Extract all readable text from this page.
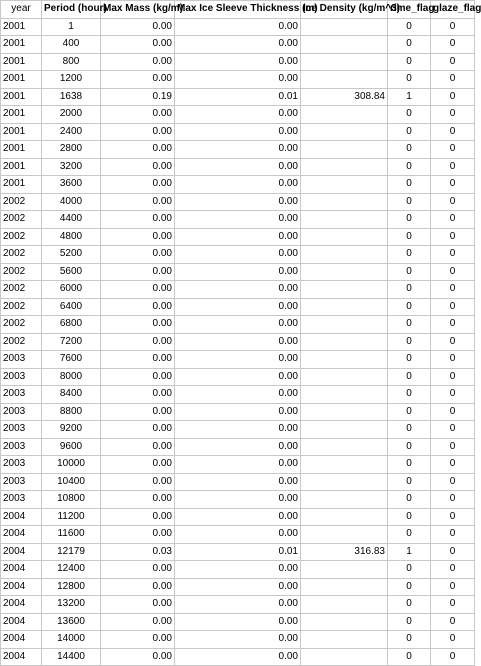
year	Period (hour)	Max Mass (kg/m)	Max Ice Sleeve Thickness (m)	Ice Density (kg/m^3)	rime_flag	glaze_flag
2001	1	0.00	0.00		0	0
2001	400	0.00	0.00		0	0
2001	800	0.00	0.00		0	0
2001	1200	0.00	0.00		0	0
2001	1638	0.19	0.01	308.84	1	0
2001	2000	0.00	0.00		0	0
2001	2400	0.00	0.00		0	0
2001	2800	0.00	0.00		0	0
2001	3200	0.00	0.00		0	0
2001	3600	0.00	0.00		0	0
2002	4000	0.00	0.00		0	0
2002	4400	0.00	0.00		0	0
2002	4800	0.00	0.00		0	0
2002	5200	0.00	0.00		0	0
2002	5600	0.00	0.00		0	0
2002	6000	0.00	0.00		0	0
2002	6400	0.00	0.00		0	0
2002	6800	0.00	0.00		0	0
2002	7200	0.00	0.00		0	0
2003	7600	0.00	0.00		0	0
2003	8000	0.00	0.00		0	0
2003	8400	0.00	0.00		0	0
2003	8800	0.00	0.00		0	0
2003	9200	0.00	0.00		0	0
2003	9600	0.00	0.00		0	0
2003	10000	0.00	0.00		0	0
2003	10400	0.00	0.00		0	0
2003	10800	0.00	0.00		0	0
2004	11200	0.00	0.00		0	0
2004	11600	0.00	0.00		0	0
2004	12179	0.03	0.01	316.83	1	0
2004	12400	0.00	0.00		0	0
2004	12800	0.00	0.00		0	0
2004	13200	0.00	0.00		0	0
2004	13600	0.00	0.00		0	0
2004	14000	0.00	0.00		0	0
2004	14400	0.00	0.00		0	0
